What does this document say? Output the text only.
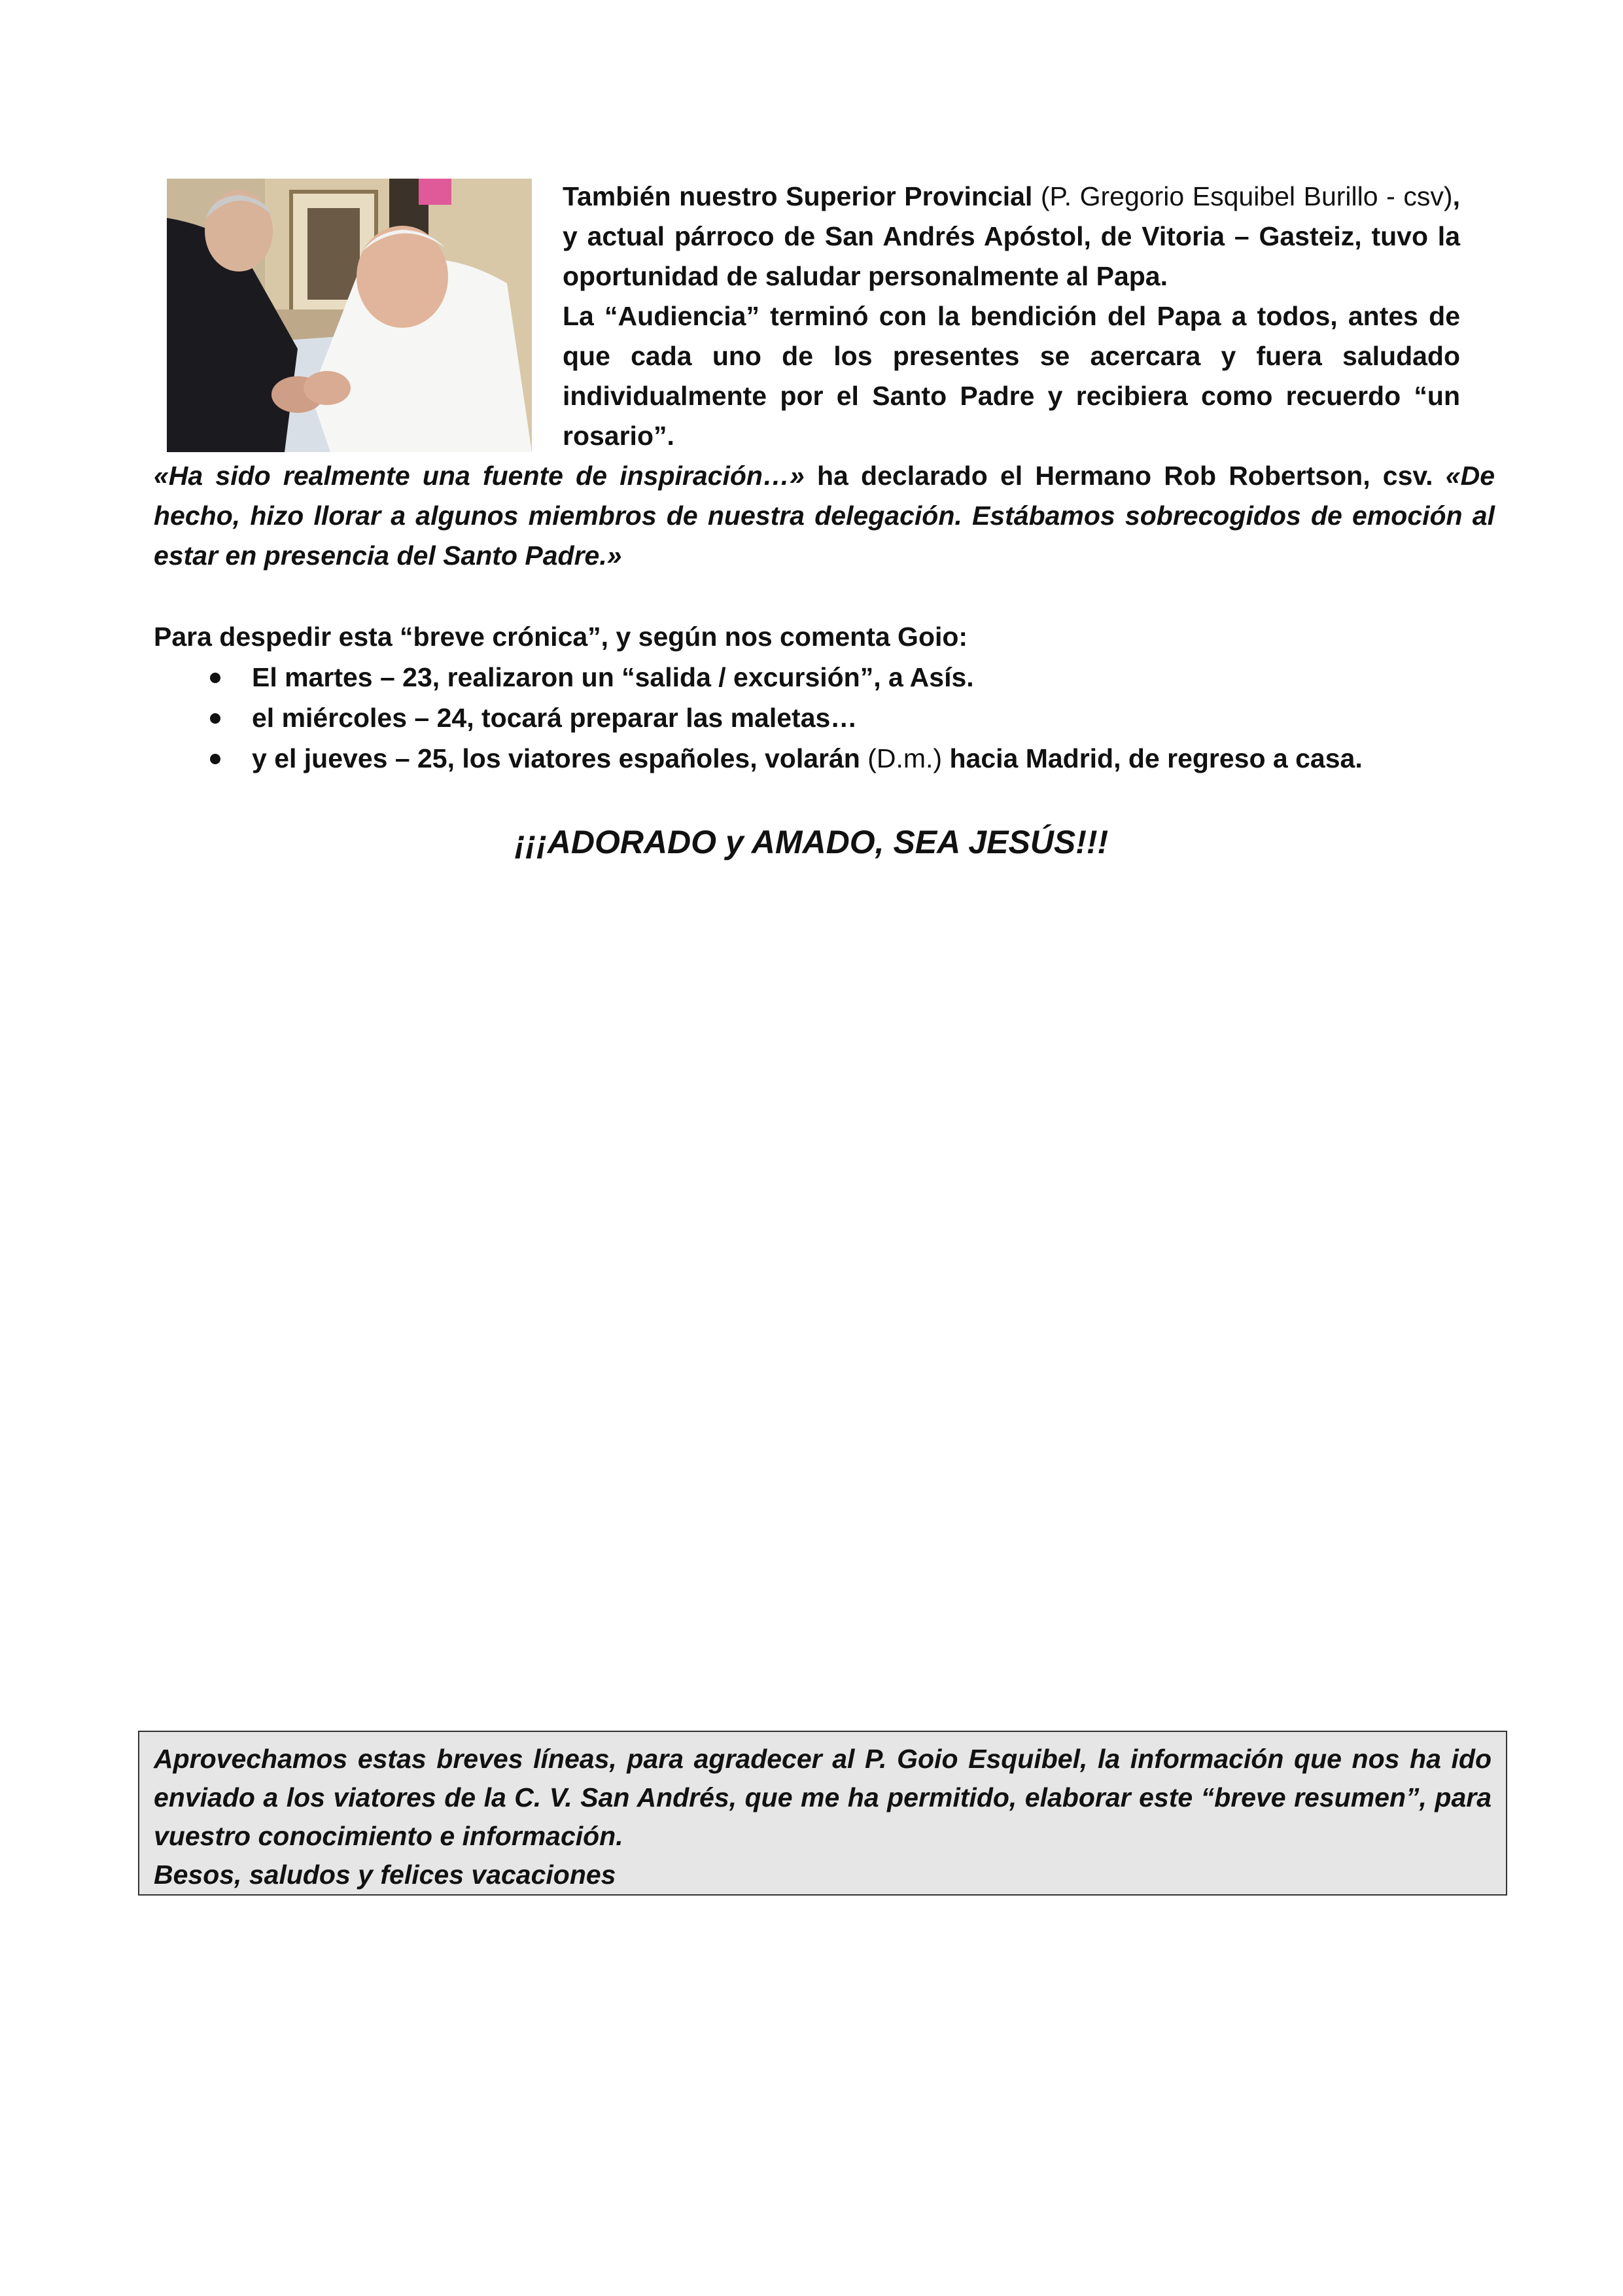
También nuestro Superior Provincial (P. Gregorio Esquibel Burillo - csv), y actual párroco de San Andrés Apóstol, de Vitoria – Gasteiz, tuvo la oportunidad de saludar personalmente al Papa.
La “Audiencia” terminó con la bendición del Papa a todos, antes de que cada uno de los presentes se acercara y fuera saludado individualmente por el Santo Padre y recibiera como recuerdo “un rosario”.
«Ha sido realmente una fuente de inspiración…» ha declarado el Hermano Rob Robertson, csv. «De hecho, hizo llorar a algunos miembros de nuestra delegación. Estábamos sobrecogidos de emoción al estar en presencia del Santo Padre.»
Para despedir esta “breve crónica”, y según nos comenta Goio:
El martes – 23, realizaron un “salida / excursión”, a Asís.
el miércoles – 24, tocará preparar las maletas…
y el jueves – 25, los viatores españoles, volarán (D.m.) hacia Madrid, de regreso a casa.
¡¡¡ADORADO y AMADO, SEA JESÚS!!!
Aprovechamos estas breves líneas, para agradecer al P. Goio Esquibel, la información que nos ha ido enviado a los viatores de la C. V. San Andrés, que me ha permitido, elaborar este “breve resumen”, para vuestro conocimiento e información.
Besos, saludos y felices vacaciones
